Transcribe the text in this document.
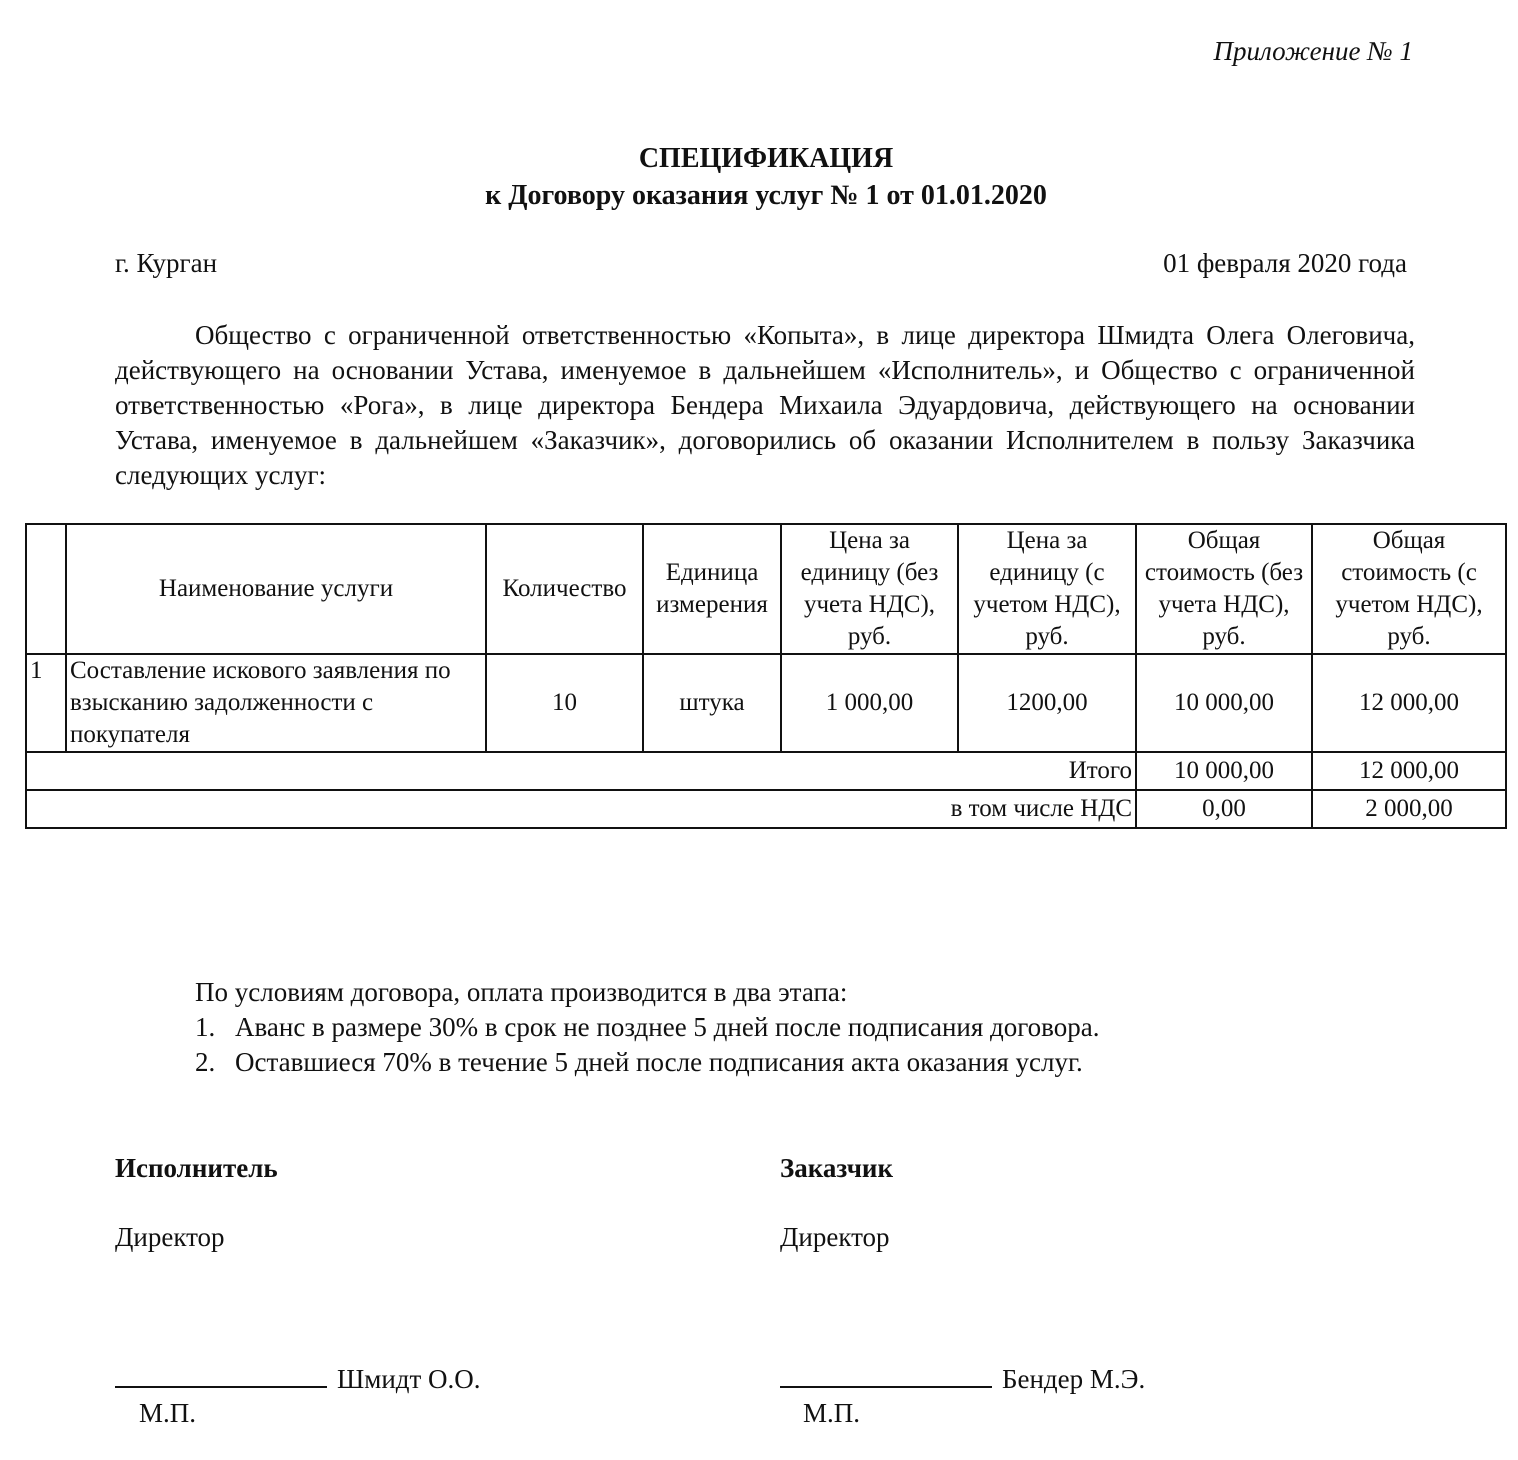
Приложение № 1
СПЕЦИФИКАЦИЯ
к Договору оказания услуг № 1 от 01.01.2020
г. Курган	01 февраля 2020 года

Общество с ограниченной ответственностью «Копыта», в лице директора Шмидта Олега Олеговича, действующего на основании Устава, именуемое в дальнейшем «Исполнитель», и Общество с ограниченной ответственностью «Рога», в лице директора Бендера Михаила Эдуардовича, действующего на основании Устава, именуемое в дальнейшем «Заказчик», договорились об оказании Исполнителем в пользу Заказчика следующих услуг:

	Наименование услуги	Количество	Единица измерения	Цена за единицу (без учета НДС), руб.	Цена за единицу (с учетом НДС), руб.	Общая стоимость (без учета НДС), руб.	Общая стоимость (с учетом НДС), руб.
1	Составление искового заявления по взысканию задолженности с покупателя	10	штука	1 000,00	1200,00	10 000,00	12 000,00
Итого						10 000,00	12 000,00
в том числе НДС						0,00	2 000,00
По условиям договора, оплата производится в два этапа:
1. Аванс в размере 30% в срок не позднее 5 дней после подписания договора.
2. Оставшиеся 70% в течение 5 дней после подписания акта оказания услуг.
Исполнитель
Директор
Шмидт О.О.
М.П.
Заказчик
Директор
Бендер М.Э.
М.П.
